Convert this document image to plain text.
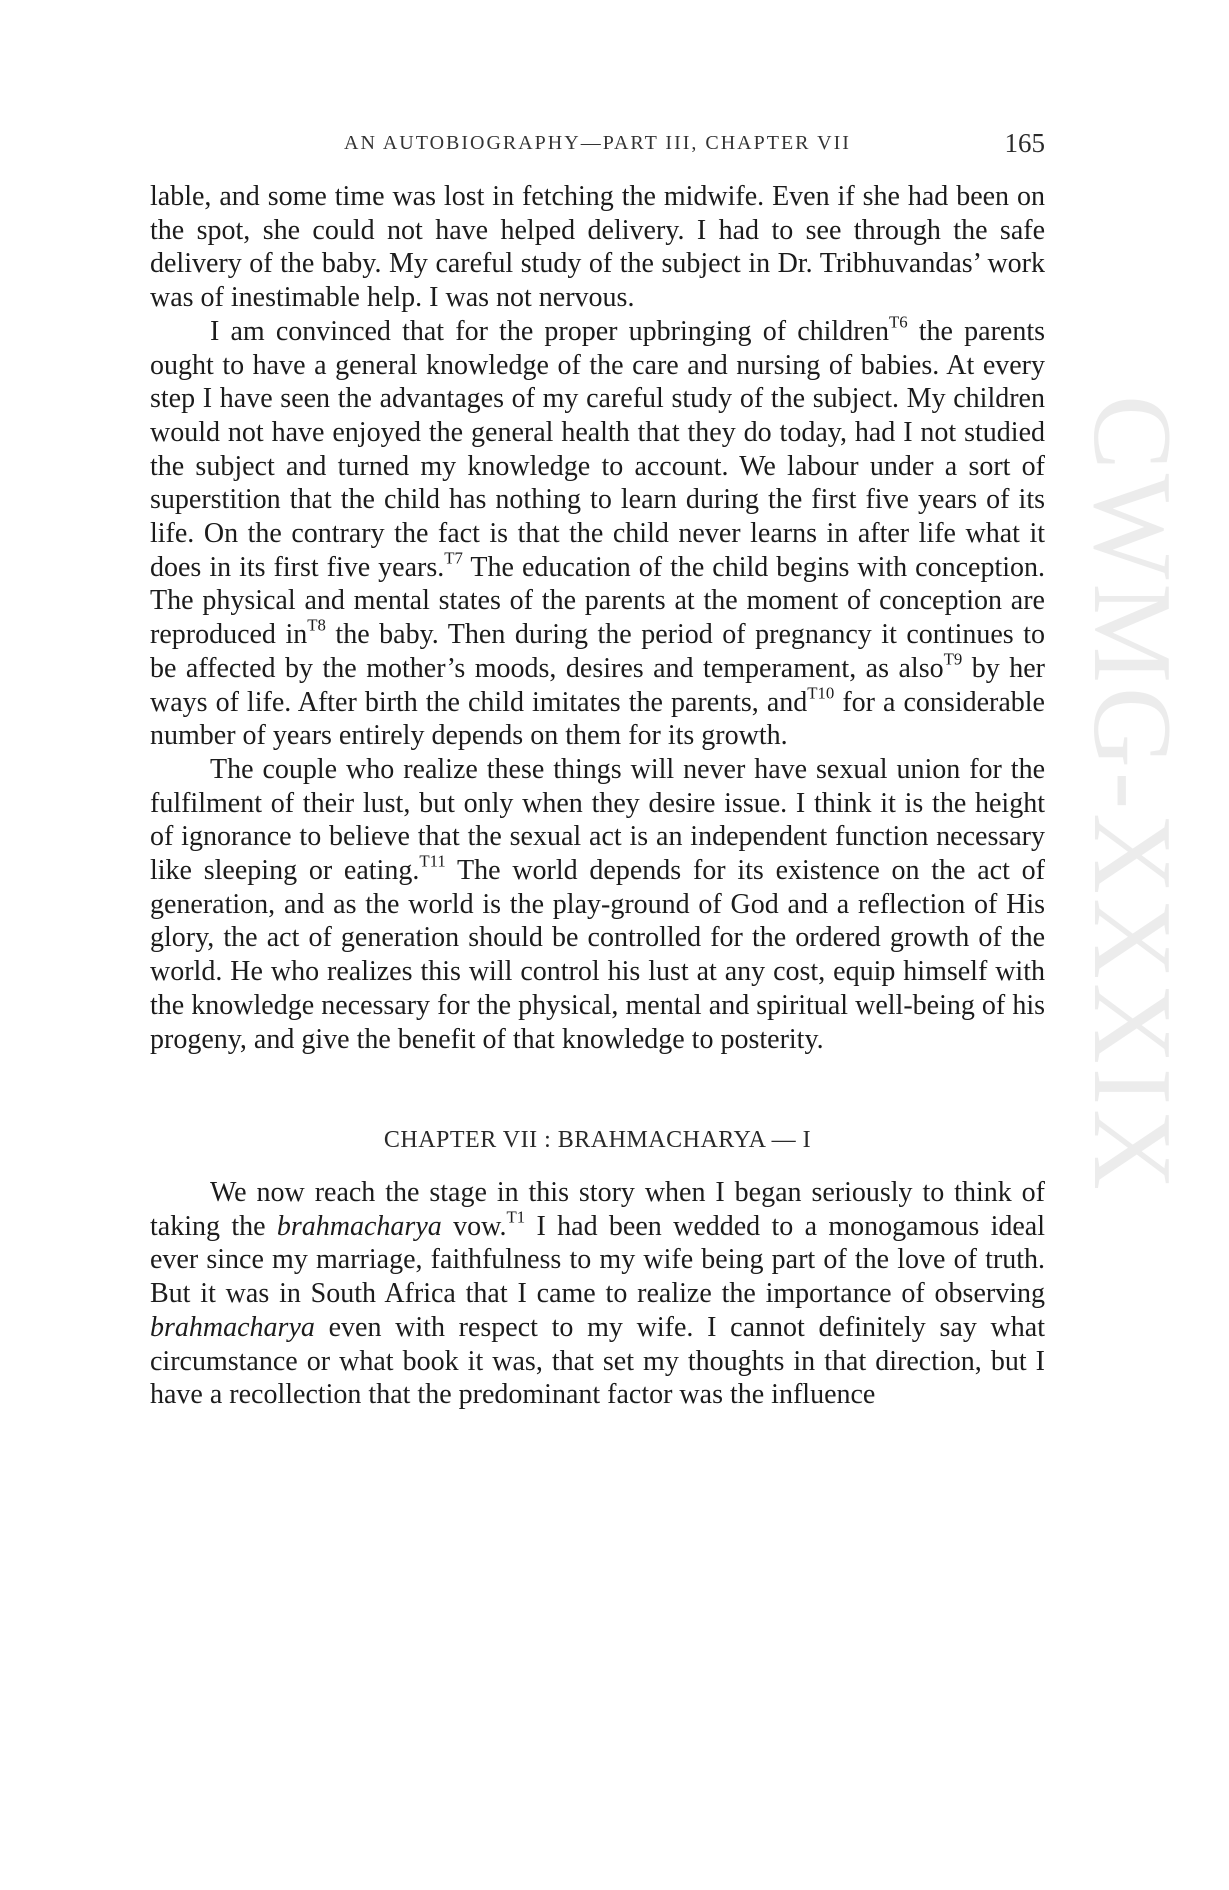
CWMG-XXXIX
AN AUTOBIOGRAPHY—PART III, CHAPTER VII	165

lable, and some time was lost in fetching the midwife. Even if she had been on the spot, she could not have helped delivery. I had to see through the safe delivery of the baby. My careful study of the subject in Dr. Tribhuvandas’ work was of inestimable help. I was not nervous.

I am convinced that for the proper upbringing of children$^{T6}$ the parents ought to have a general knowledge of the care and nursing of babies. At every step I have seen the advantages of my careful study of the subject. My children would not have enjoyed the general health that they do today, had I not studied the subject and turned my knowledge to account. We labour under a sort of superstition that the child has nothing to learn during the first five years of its life. On the contrary the fact is that the child never learns in after life what it does in its first five years.$^{T7}$ The education of the child begins with conception. The physical and mental states of the parents at the moment of conception are reproduced $in^{T8}$ the baby. Then during the period of pregnancy it continues to be affected by the mother’s moods, desires and temperament, as also$^{T9}$ by her ways of life. After birth the child imitates the parents, and$^{T10}$ for a considerable number of years entirely depends on them for its growth.

The couple who realize these things will never have sexual union for the fulfilment of their lust, but only when they desire issue. I think it is the height of ignorance to believe that the sexual act is an independent function necessary like sleeping or eating.$^{T11}$ The world depends for its existence on the act of generation, and as the world is the play-ground of God and a reflection of His glory, the act of generation should be controlled for the ordered growth of the world. He who realizes this will control his lust at any cost, equip himself with the knowledge necessary for the physical, mental and spiritual well-being of his progeny, and give the benefit of that knowledge to posterity.

CHAPTER VII : BRAHMACHARYA — I

We now reach the stage in this story when I began seriously to think of taking the brahmacharya vow.$^{T1}$ I had been wedded to a monogamous ideal ever since my marriage, faithfulness to my wife being part of the love of truth. But it was in South Africa that I came to realize the importance of observing brahmacharya even with respect to my wife. I cannot definitely say what circumstance or what book it was, that set my thoughts in that direction, but I have a recollection that the predominant factor was the influence
